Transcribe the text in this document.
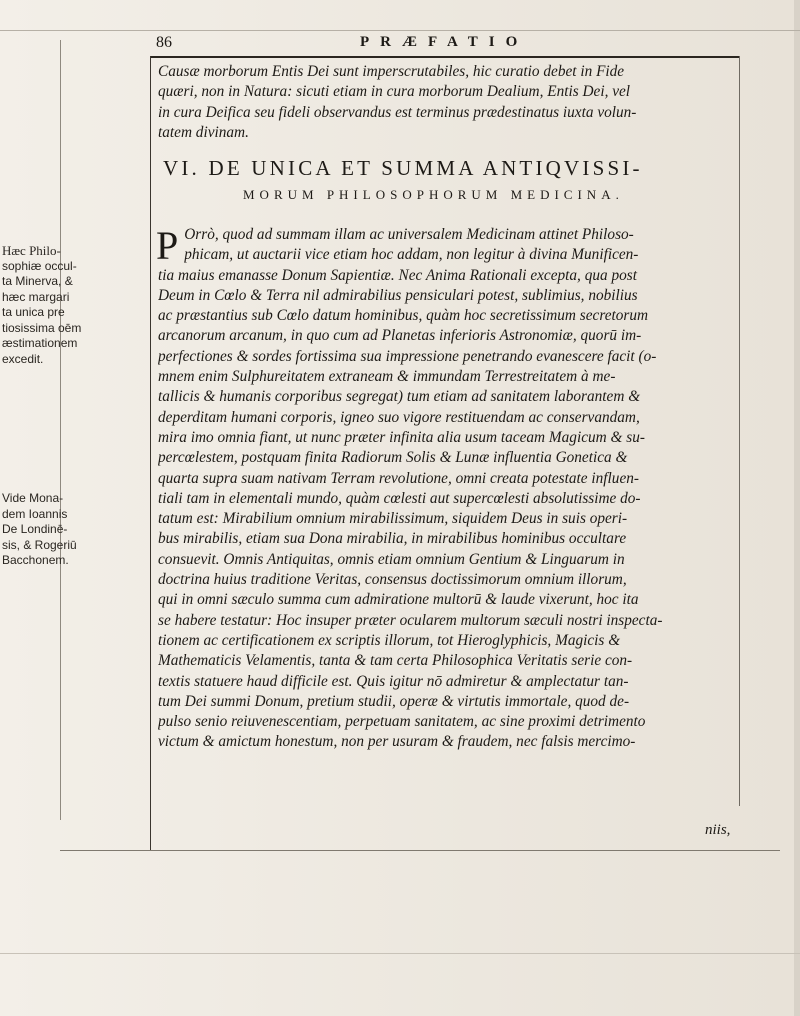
86	PRÆFATIO
Causæ morborum Entis Dei sunt imperscrutabiles, hic curatio debet in Fide
quæri, non in Natura: sicuti etiam in cura morborum Dealium, Entis Dei, vel
in cura Deifica seu fideli observandus est terminus prædestinatus iuxta volun-
tatem divinam.
VI. DE UNICA ET SUMMA ANTIQVISSI-
MORUM PHILOSOPHORUM MEDICINA.
P Orrò, quod ad summam illam ac universalem Medicinam attinet Philoso-
phicam, ut auctarii vice etiam hoc addam, non legitur à divina Munificen-
tia maius emanasse Donum Sapientiæ. Nec Anima Rationali excepta, qua post
Deum in Cœlo & Terra nil admirabilius pensiculari potest, sublimius, nobilius
ac præstantius sub Cœlo datum hominibus, quàm hoc secretissimum secretorum
arcanorum arcanum, in quo cum ad Planetas inferioris Astronomiæ, quorū im-
perfectiones & sordes fortissima sua impressione penetrando evanescere facit (o-
mnem enim Sulphureitatem extraneam & immundam Terrestreitatem à me-
tallicis & humanis corporibus segregat) tum etiam ad sanitatem laborantem &
deperditam humani corporis, igneo suo vigore restituendam ac conservandam,
mira imo omnia fiant, ut nunc præter infinita alia usum taceam Magicum & su-
percœlestem, postquam finita Radiorum Solis & Lunæ influentia Gonetica &
quarta supra suam nativam Terram revolutione, omni creata potestate influen-
tiali tam in elementali mundo, quàm cœlesti aut supercœlesti absolutissime do-
tatum est: Mirabilium omnium mirabilissimum, siquidem Deus in suis operi-
bus mirabilis, etiam sua Dona mirabilia, in mirabilibus hominibus occultare
consuevit. Omnis Antiquitas, omnis etiam omnium Gentium & Linguarum in
doctrina huius traditione Veritas, consensus doctissimorum omnium illorum,
qui in omni sæculo summa cum admiratione multorū & laude vixerunt, hoc ita
se habere testatur: Hoc insuper præter ocularem multorum sæculi nostri inspecta-
tionem ac certificationem ex scriptis illorum, tot Hieroglyphicis, Magicis &
Mathematicis Velamentis, tanta & tam certa Philosophica Veritatis serie con-
textis statuere haud difficile est. Quis igitur nō admiretur & amplectatur tan-
tum Dei summi Donum, pretium studii, operæ & virtutis immortale, quod de-
pulso senio reiuvenescentiam, perpetuam sanitatem, ac sine proximi detrimento
victum & amictum honestum, non per usuram & fraudem, nec falsis mercimo-
Hæc Philo-
sophiæ occul-
ta Minerva, &
hæc margari
ta unica pre
tiosissima oēm
æstimationem
excedit.
Vide Mona-
dem Ioannis
De Londinē-
sis, & Rogeriū
Bacchonem.
niis,
